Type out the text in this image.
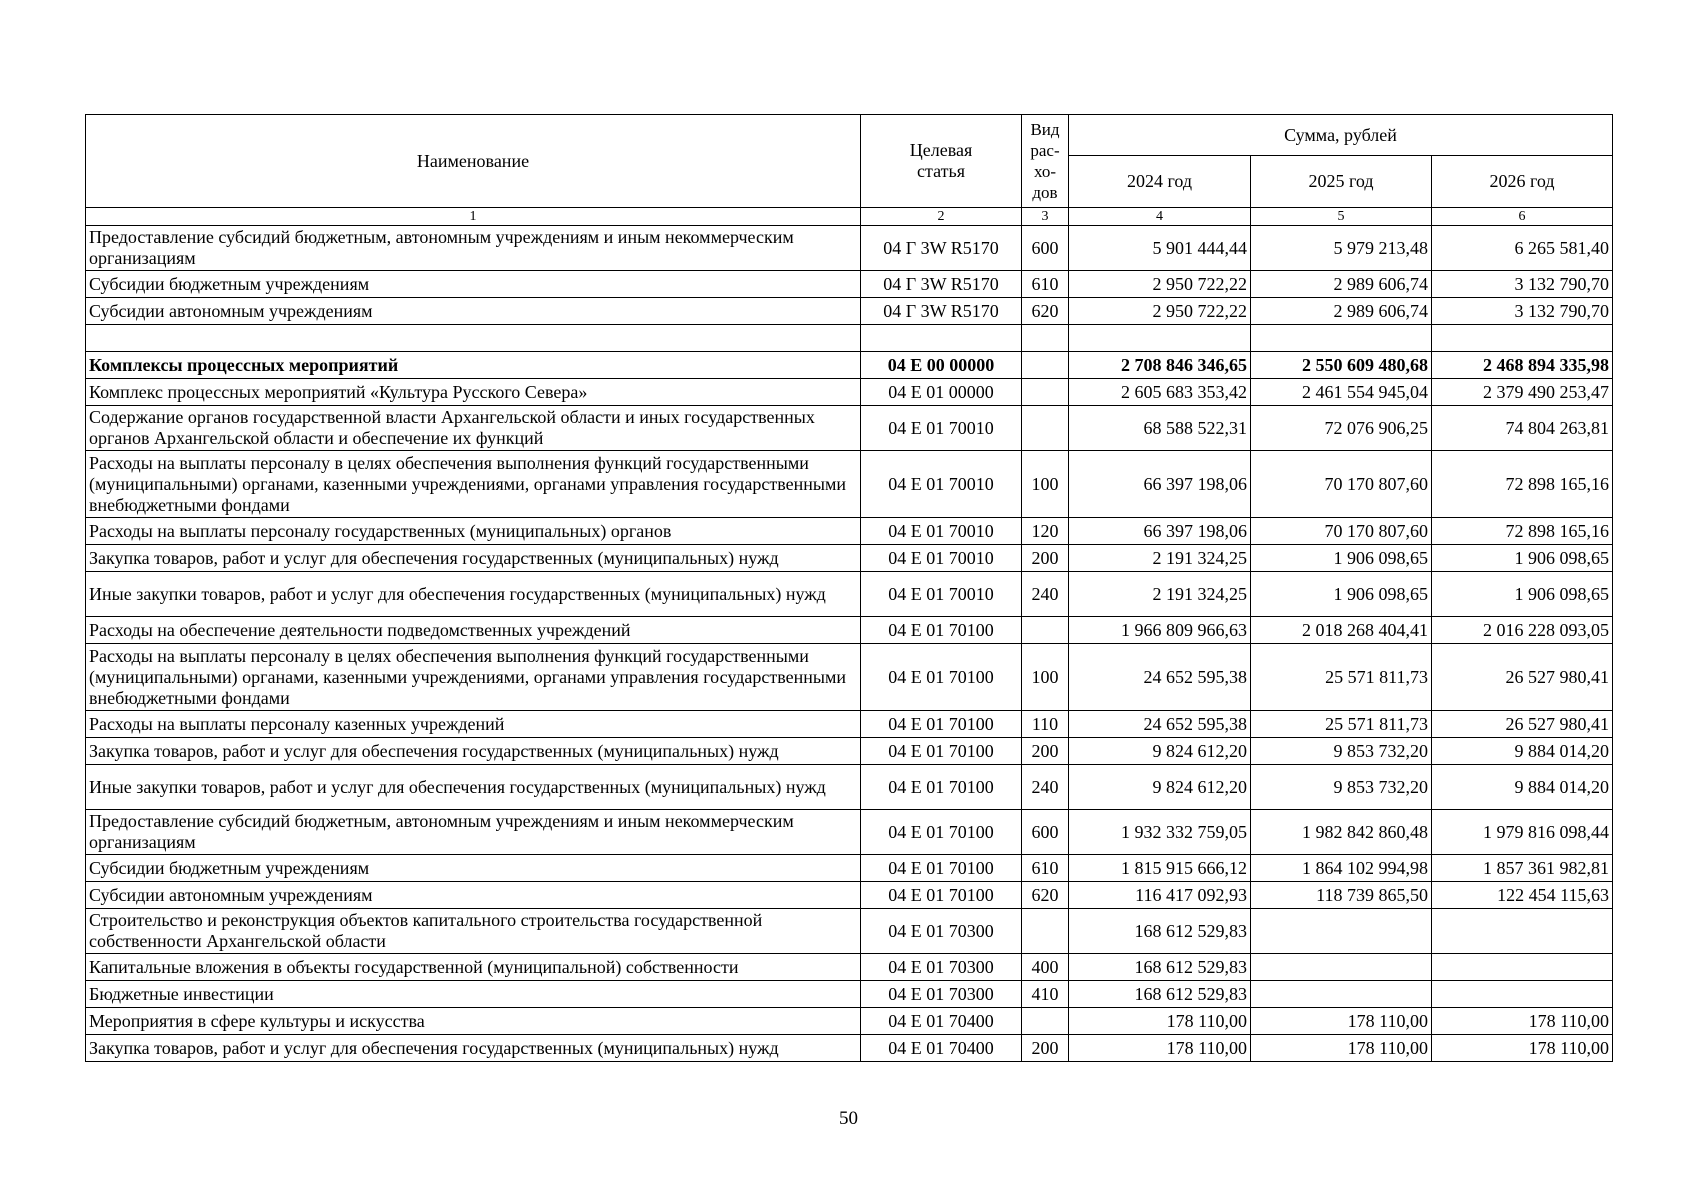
Наименование	Целевая статья	Вид
рас-
хо-
дов	Сумма, рублей		
			2024 год	2025 год	2026 год
1	2	3	4	5	6
Предоставление субсидий бюджетным, автономным учреждениям и иным некоммерческим организациям	04 Г 3W R5170	600	5 901 444,44	5 979 213,48	6 265 581,40
Субсидии бюджетным учреждениям	04 Г 3W R5170	610	2 950 722,22	2 989 606,74	3 132 790,70
Субсидии автономным учреждениям	04 Г 3W R5170	620	2 950 722,22	2 989 606,74	3 132 790,70

Комплексы процессных мероприятий	04 Е 00 00000		2 708 846 346,65	2 550 609 480,68	2 468 894 335,98
Комплекс процессных мероприятий «Культура Русского Севера»	04 Е 01 00000		2 605 683 353,42	2 461 554 945,04	2 379 490 253,47
Содержание органов государственной власти Архангельской области и иных государственных органов Архангельской области и обеспечение их функций	04 Е 01 70010		68 588 522,31	72 076 906,25	74 804 263,81
Расходы на выплаты персоналу в целях обеспечения выполнения функций государственными (муниципальными) органами, казенными учреждениями, органами управления государственными внебюджетными фондами	04 Е 01 70010	100	66 397 198,06	70 170 807,60	72 898 165,16
Расходы на выплаты персоналу государственных (муниципальных) органов	04 Е 01 70010	120	66 397 198,06	70 170 807,60	72 898 165,16
Закупка товаров, работ и услуг для обеспечения государственных (муниципальных) нужд	04 Е 01 70010	200	2 191 324,25	1 906 098,65	1 906 098,65
Иные закупки товаров, работ и услуг для обеспечения государственных (муниципальных) нужд	04 Е 01 70010	240	2 191 324,25	1 906 098,65	1 906 098,65
Расходы на обеспечение деятельности подведомственных учреждений	04 Е 01 70100		1 966 809 966,63	2 018 268 404,41	2 016 228 093,05
Расходы на выплаты персоналу в целях обеспечения выполнения функций государственными (муниципальными) органами, казенными учреждениями, органами управления государственными внебюджетными фондами	04 Е 01 70100	100	24 652 595,38	25 571 811,73	26 527 980,41
Расходы на выплаты персоналу казенных учреждений	04 Е 01 70100	110	24 652 595,38	25 571 811,73	26 527 980,41
Закупка товаров, работ и услуг для обеспечения государственных (муниципальных) нужд	04 Е 01 70100	200	9 824 612,20	9 853 732,20	9 884 014,20
Иные закупки товаров, работ и услуг для обеспечения государственных (муниципальных) нужд	04 Е 01 70100	240	9 824 612,20	9 853 732,20	9 884 014,20
Предоставление субсидий бюджетным, автономным учреждениям и иным некоммерческим организациям	04 Е 01 70100	600	1 932 332 759,05	1 982 842 860,48	1 979 816 098,44
Субсидии бюджетным учреждениям	04 Е 01 70100	610	1 815 915 666,12	1 864 102 994,98	1 857 361 982,81
Субсидии автономным учреждениям	04 Е 01 70100	620	116 417 092,93	118 739 865,50	122 454 115,63
Строительство и реконструкция объектов капитального строительства государственной собственности Архангельской области	04 Е 01 70300		168 612 529,83		
Капитальные вложения в объекты государственной (муниципальной) собственности	04 Е 01 70300	400	168 612 529,83		
Бюджетные инвестиции	04 Е 01 70300	410	168 612 529,83		
Мероприятия в сфере культуры и искусства	04 Е 01 70400		178 110,00	178 110,00	178 110,00
Закупка товаров, работ и услуг для обеспечения государственных (муниципальных) нужд	04 Е 01 70400	200	178 110,00	178 110,00	178 110,00
50
